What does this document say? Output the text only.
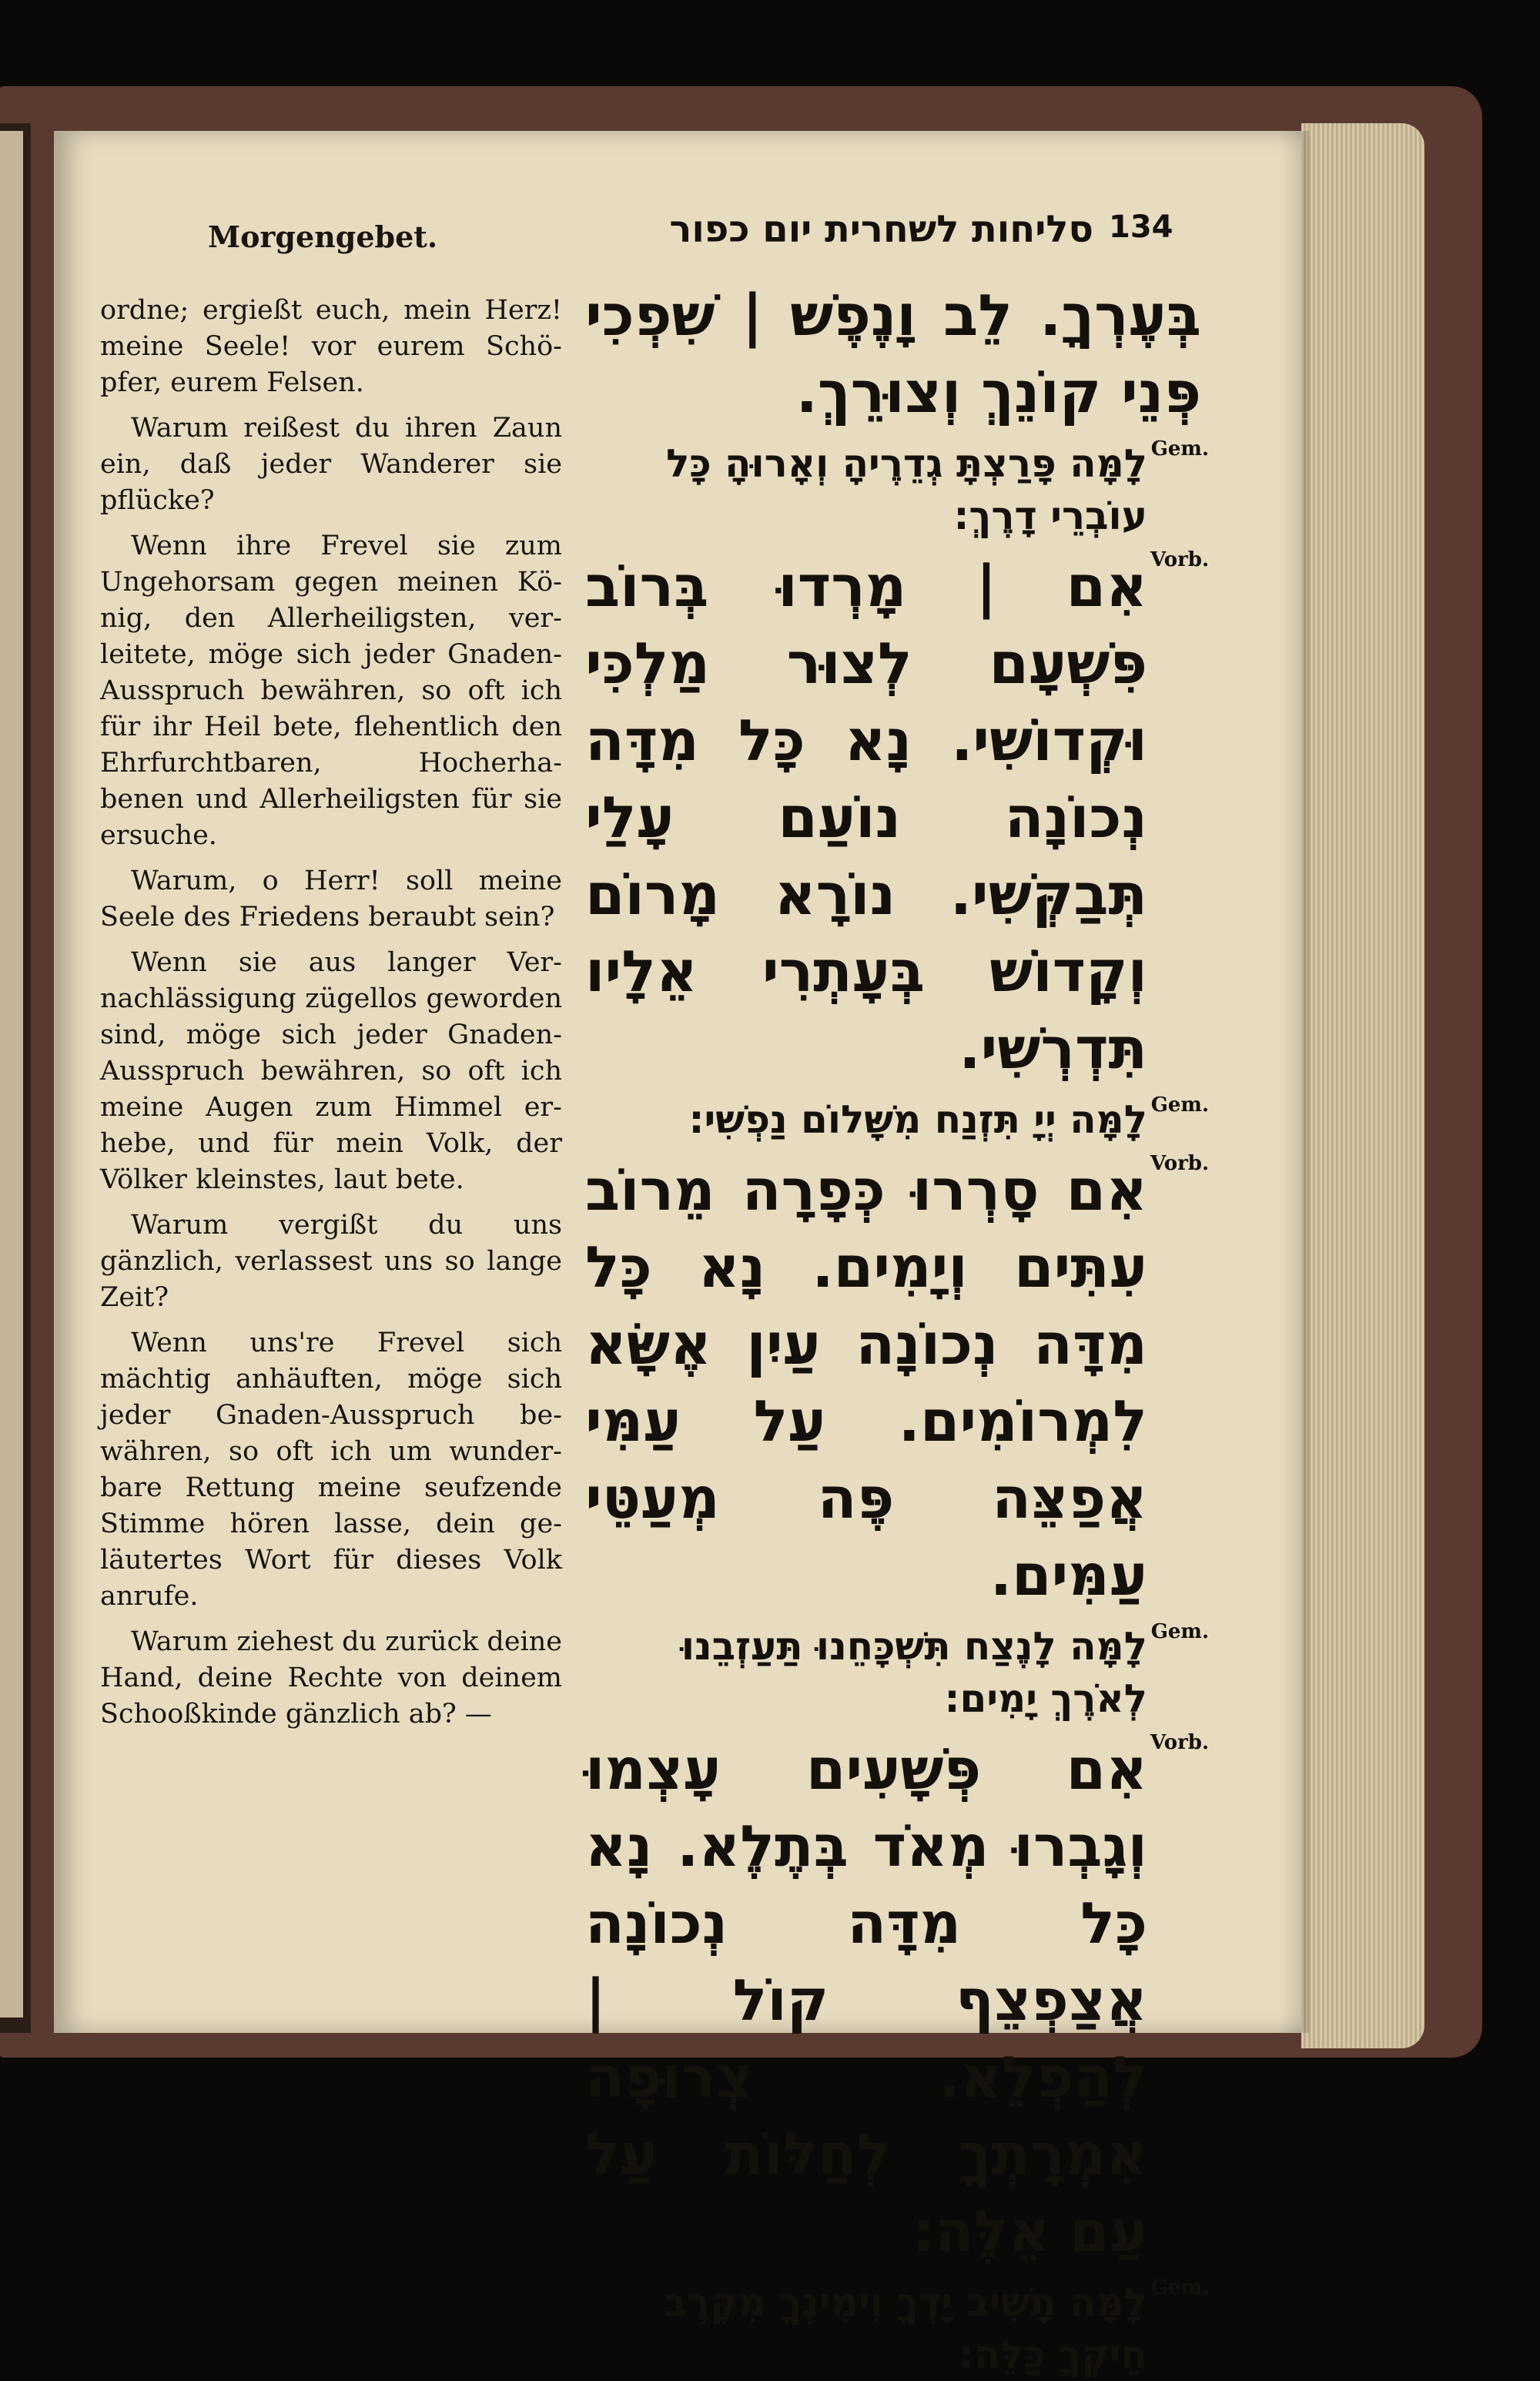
Morgengebet.

ordne; ergießt euch, mein Herz! meine Seele! vor eurem Schö- pfer, eurem Felsen.

Warum reißest du ihren Zaun ein, daß jeder Wanderer sie pflücke?

Wenn ihre Frevel sie zum Ungehorsam gegen meinen Kö- nig, den Allerheiligsten, ver- leitete, möge sich jeder Gnaden- Ausspruch bewähren, so oft ich für ihr Heil bete, flehentlich den Ehrfurchtbaren, Hocherha- benen und Allerheiligsten für sie ersuche.

Warum, o Herr! soll meine Seele des Friedens beraubt sein?

Wenn sie aus langer Ver- nachlässigung zügellos geworden sind, möge sich jeder Gnaden- Ausspruch bewähren, so oft ich meine Augen zum Himmel er- hebe, und für mein Volk, der Völker kleinstes, laut bete.

Warum vergißt du uns gänzlich, verlassest uns so lange Zeit?

Wenn uns're Frevel sich mächtig anhäuften, möge sich jeder Gnaden-Ausspruch be- währen, so oft ich um wunder- bare Rettung meine seufzende Stimme hören lasse, dein ge- läutertes Wort für dieses Volk anrufe.

Warum ziehest du zurück deine Hand, deine Rechte von deinem Schooßkinde gänzlich ab? —

סליחות לשחרית יום כפור 134

בְּעֶרְךָ. לֵב וָנֶפֶשׁ | שִׁפְכִי פְּנֵי קוֹנֵךְ וְצוּרֵךְ.

Gem.

לָמָּה פָּרַצְתָּ גְדֵרֶיהָ וְאָרוּהָ כָּל עוֹבְרֵי דָרֶךְ:

Vorb.

אִם | מָרְדוּ בְּרוֹב פִּשְׁעָם לְצוּר מַלְכִּי וּקְדוֹשִׁי. נָא כָּל מִדָּה נְכוֹנָה נוֹעַם עָלַי תְּבַקְּשִׁי. נוֹרָא מָרוֹם וְקָדוֹשׁ בְּעָתְרִי אֵלָיו תִּדְרְשִׁי.

Gem.

לָמָּה יְיָ תִּזְנַח מִשָּׁלוֹם נַפְשִׁי:

Vorb.

אִם סָרְרוּ כְּפָרָה מֵרוֹב עִתִּים וְיָמִים. נָא כָּל מִדָּה נְכוֹנָה עַיִן אֶשָּׂא לִמְרוֹמִים. עַל עַמִּי אֲפַצֵּה פֶּה מְעַטֵּי עַמִּים.

Gem.

לָמָּה לָנֶצַח תִּשְׁכָּחֵנוּ תַּעַזְבֵנוּ לְאֹרֶךְ יָמִים:

Vorb.

אִם פְּשָׁעִים עָצְמוּ וְגָבְרוּ מְאֹד בְּתֶלֶא. נָא כָּל מִדָּה נְכוֹנָה אֲצַפְצֵף קוֹל | לְהַפְלֵא. צְרוּפָה אִמְרָתְךָ לְחַלּוֹת עַל עַם אֵלֶּה:

Gem.

לָמָּה תָשִׁיב יָדְךָ וִימִינְךָ מִקֶּרֶב חֵיקְךָ כַּלֵּה:
